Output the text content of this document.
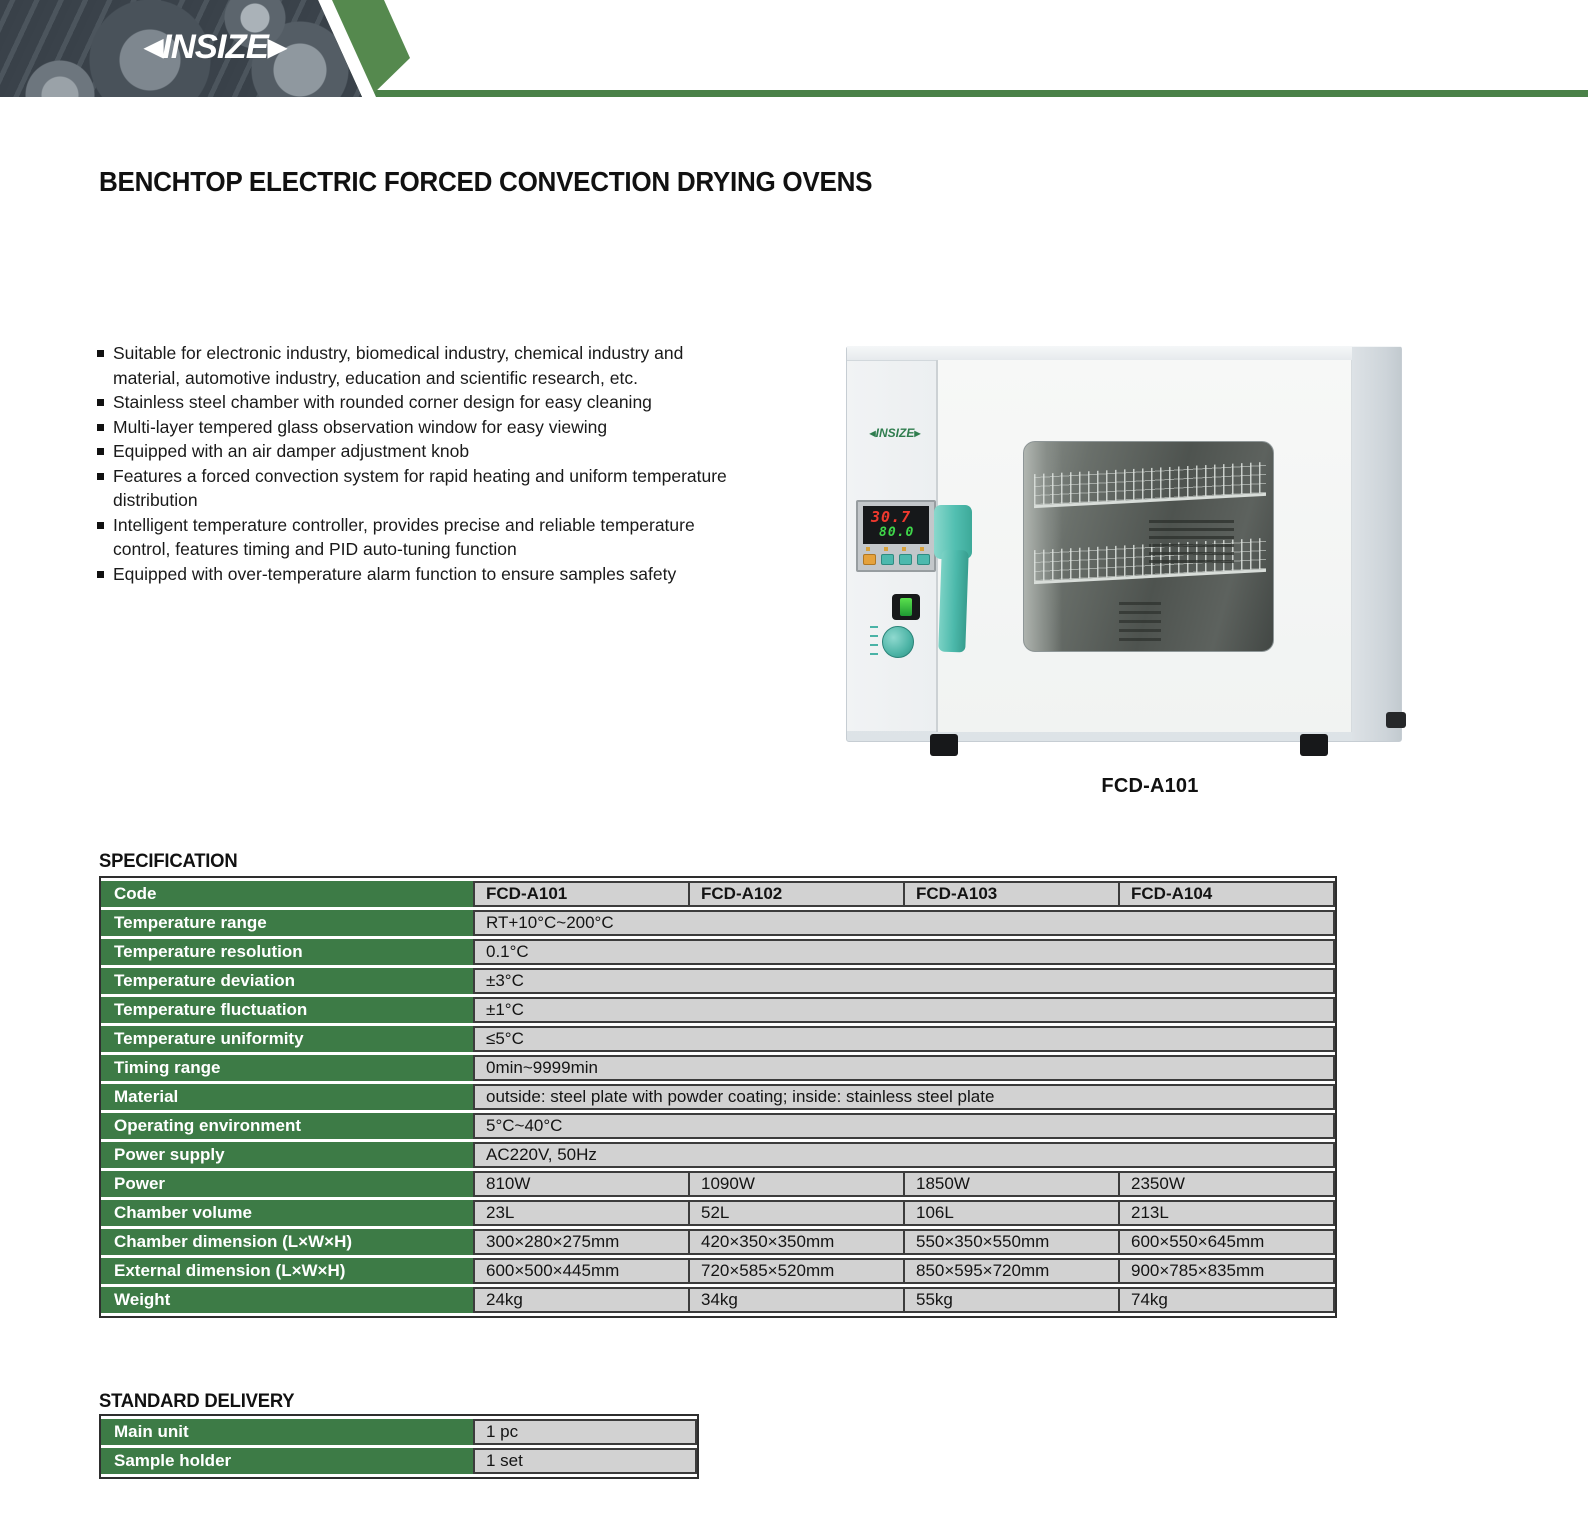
◀INSIZE▶
BENCHTOP ELECTRIC FORCED CONVECTION DRYING OVENS
Suitable for electronic industry, biomedical industry, chemical industry and material, automotive industry, education and scientific research, etc.
Stainless steel chamber with rounded corner design for easy cleaning
Multi-layer tempered glass observation window for easy viewing
Equipped with an air damper adjustment knob
Features a forced convection system for rapid heating and uniform temperature distribution
Intelligent temperature controller, provides precise and reliable temperature control, features timing and PID auto-tuning function
Equipped with over-temperature alarm function to ensure samples safety
◀INSIZE▶
30.7
80.0
FCD-A101
SPECIFICATION
Code	FCD-A101	FCD-A102	FCD-A103	FCD-A104
Temperature range	RT+10°C~200°C			
Temperature resolution	0.1°C			
Temperature deviation	±3°C			
Temperature fluctuation	±1°C			
Temperature uniformity	≤5°C			
Timing range	0min~9999min			
Material	outside: steel plate with powder coating; inside: stainless steel plate			
Operating environment	5°C~40°C			
Power supply	AC220V, 50Hz			
Power	810W	1090W	1850W	2350W
Chamber volume	23L	52L	106L	213L
Chamber dimension (L×W×H)	300×280×275mm	420×350×350mm	550×350×550mm	600×550×645mm
External dimension (L×W×H)	600×500×445mm	720×585×520mm	850×595×720mm	900×785×835mm
Weight	24kg	34kg	55kg	74kg
STANDARD DELIVERY
Main unit	1 pc
Sample holder	1 set
